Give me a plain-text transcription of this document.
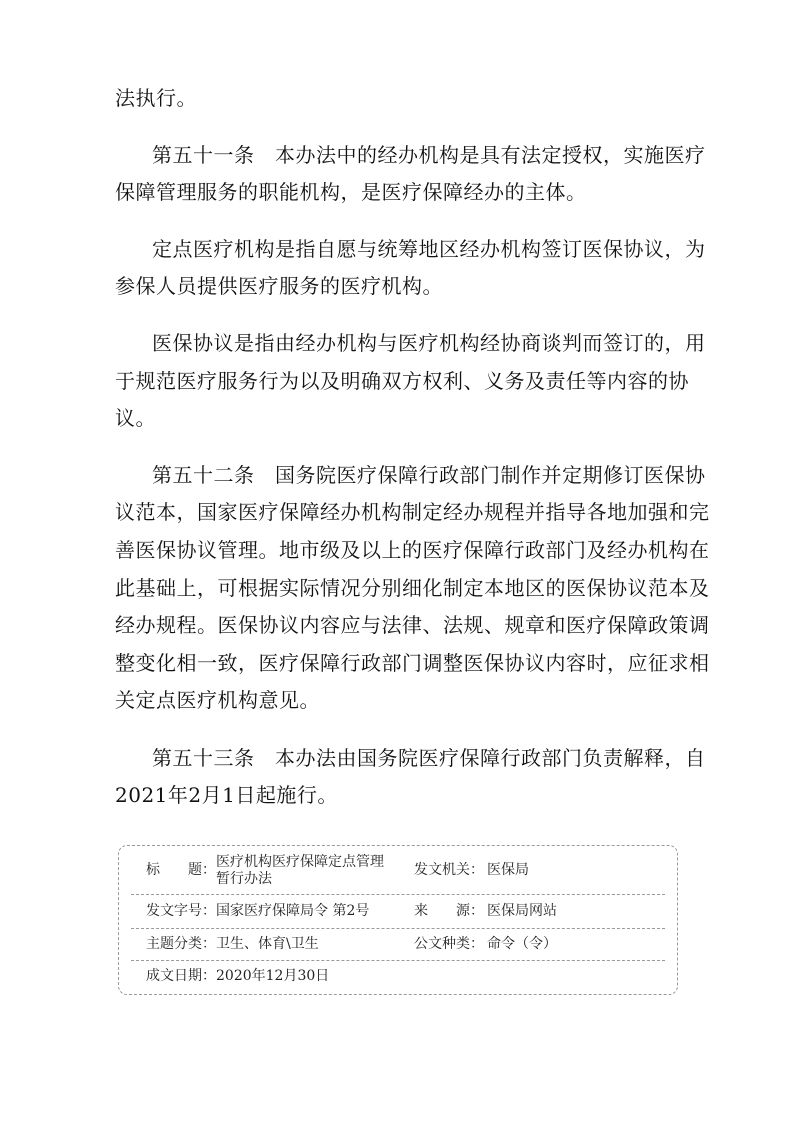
法执行。
第五十一条　本办法中的经办机构是具有法定授权，实施医疗
保障管理服务的职能机构，是医疗保障经办的主体。
定点医疗机构是指自愿与统筹地区经办机构签订医保协议，为
参保人员提供医疗服务的医疗机构。
医保协议是指由经办机构与医疗机构经协商谈判而签订的，用
于规范医疗服务行为以及明确双方权利、义务及责任等内容的协
议。
第五十二条　国务院医疗保障行政部门制作并定期修订医保协
议范本，国家医疗保障经办机构制定经办规程并指导各地加强和完
善医保协议管理。地市级及以上的医疗保障行政部门及经办机构在
此基础上，可根据实际情况分别细化制定本地区的医保协议范本及
经办规程。医保协议内容应与法律、法规、规章和医疗保障政策调
整变化相一致，医疗保障行政部门调整医保协议内容时，应征求相
关定点医疗机构意见。
第五十三条　本办法由国务院医疗保障行政部门负责解释，自
2021年2月1日起施行。
标　　题： 医疗机构医疗保障定点管理暂行办法
发文机关： 医保局
发文字号： 国家医疗保障局令 第2号	来　　源： 医保局网站
主题分类： 卫生、体育\卫生	公文种类： 命令（令）
成文日期： 2020年12月30日
